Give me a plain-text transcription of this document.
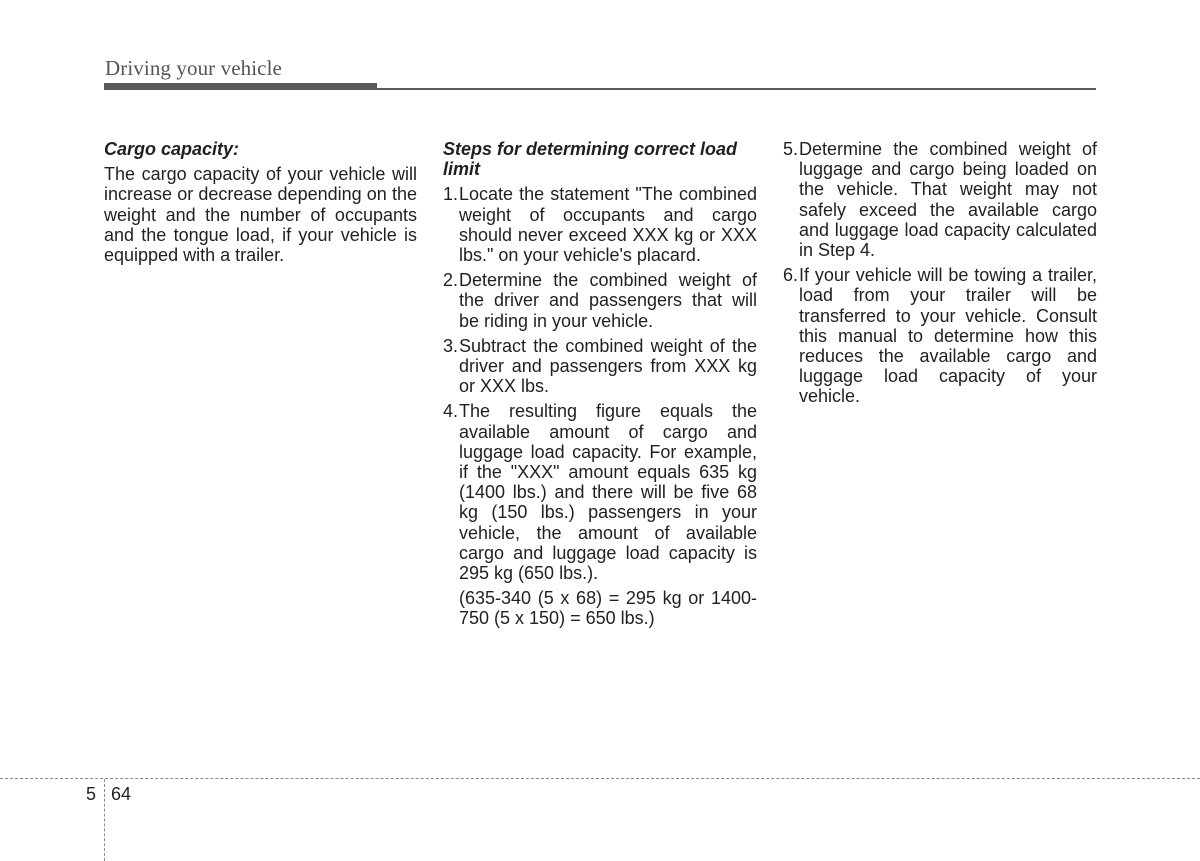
Driving your vehicle
Cargo capacity:

The cargo capacity of your vehicle will increase or decrease depending on the weight and the number of occupants and the tongue load, if your vehicle is equipped with a trailer.

Steps for determining correct load limit
1. Locate the statement "The combined weight of occupants and cargo should never exceed XXX kg or XXX lbs." on your vehicle's placard.
2. Determine the combined weight of the driver and passengers that will be riding in your vehicle.
3. Subtract the combined weight of the driver and passengers from XXX kg or XXX lbs.
4. The resulting figure equals the available amount of cargo and luggage load capacity. For example, if the "XXX" amount equals 635 kg (1400 lbs.) and there will be five 68 kg (150 lbs.) passengers in your vehicle, the amount of available cargo and luggage load capacity is 295 kg (650 lbs.).

(635-340 (5 x 68) = 295 kg or 1400-750 (5 x 150) = 650 lbs.)

5. Determine the combined weight of luggage and cargo being loaded on the vehicle. That weight may not safely exceed the available cargo and luggage load capacity calculated in Step 4.
6. If your vehicle will be towing a trailer, load from your trailer will be transferred to your vehicle. Consult this manual to determine how this reduces the available cargo and luggage load capacity of your vehicle.
5 64
